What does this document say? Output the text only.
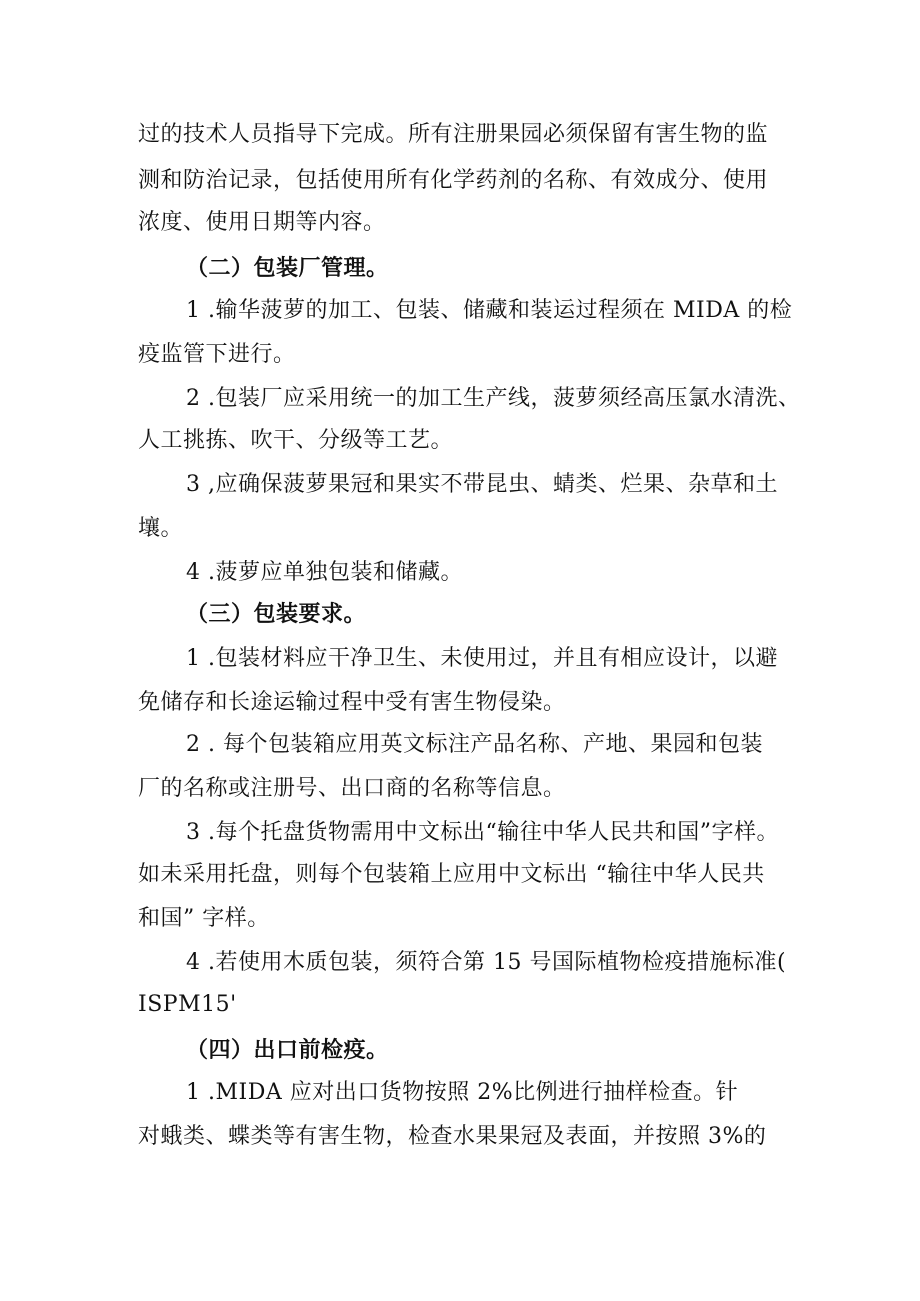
过的技术人员指导下完成。所有注册果园必须保留有害生物的监
测和防治记录，包括使用所有化学药剂的名称、有效成分、使用
浓度、使用日期等内容。
（二）包装厂管理。
1 .输华菠萝的加工、包装、储藏和装运过程须在 MIDA 的检
疫监管下进行。
2 .包装厂应采用统一的加工生产线，菠萝须经高压氯水清洗、
人工挑拣、吹干、分级等工艺。
3 ,应确保菠萝果冠和果实不带昆虫、蜻类、烂果、杂草和土
壤。
4 .菠萝应单独包装和储藏。
（三）包装要求。
1 .包装材料应干净卫生、未使用过，并且有相应设计，以避
免储存和长途运输过程中受有害生物侵染。
2 . 每个包装箱应用英文标注产品名称、产地、果园和包装
厂的名称或注册号、出口商的名称等信息。
3 .每个托盘货物需用中文标出“输往中华人民共和国”字样。
如未采用托盘，则每个包装箱上应用中文标出 “输往中华人民共
和国” 字样。
4 .若使用木质包装，须符合第 15 号国际植物检疫措施标准(
ISPM15'
（四）出口前检疫。
1 .MIDA 应对出口货物按照 2%比例进行抽样检查。针
对蛾类、蝶类等有害生物，检查水果果冠及表面，并按照 3%的
